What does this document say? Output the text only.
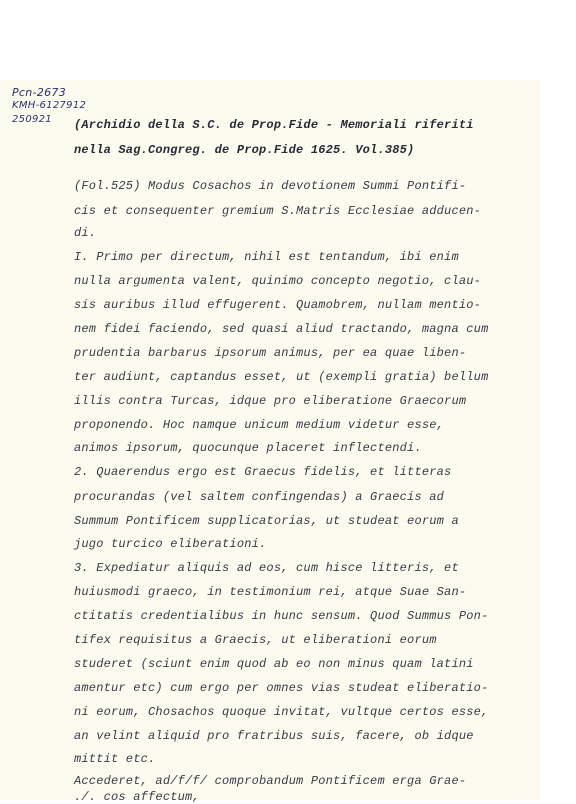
Pcn-2673
KMH-6127912
250921 (Archidio della S.C. de Prop.Fide - Memoriali riferiti
nella Sag.Congreg. de Prop.Fide 1625. Vol.385)
(Fol.525) Modus Cosachos in devotionem Summi Pontifi-
cis et consequenter gremium S.Matris Ecclesiae adducen-
di.
I. Primo per directum, nihil est tentandum, ibi enim
nulla argumenta valent, quinimo concepto negotio, clau-
sis auribus illud effugerent. Quamobrem, nullam mentio-
nem fidei faciendo, sed quasi aliud tractando, magna cum
prudentia barbarus ipsorum animus, per ea quae liben-
ter audiunt, captandus esset, ut (exempli gratia) bellum
illis contra Turcas, idque pro eliberatione Graecorum
proponendo. Hoc namque unicum medium videtur esse,
animos ipsorum, quocunque placeret inflectendi.
2. Quaerendus ergo est Graecus fidelis, et litteras
procurandas (vel saltem confingendas) a Graecis ad
Summum Pontificem supplicatorias, ut studeat eorum a
jugo turcico eliberationi.
3. Expediatur aliquis ad eos, cum hisce litteris, et
huiusmodi graeco, in testimonium rei, atque Suae San-
ctitatis credentialibus in hunc sensum. Quod Summus Pon-
tifex requisitus a Graecis, ut eliberationi eorum
studeret (sciunt enim quod ab eo non minus quam latini
amentur etc) cum ergo per omnes vias studeat eliberatio-
ni eorum, Chosachos quoque invitat, vultque certos esse,
an velint aliquid pro fratribus suis, facere, ob idque
mittit etc.
Accederet, ad/f/f/ comprobandum Pontificem erga Grae-
./. cos affectum,
